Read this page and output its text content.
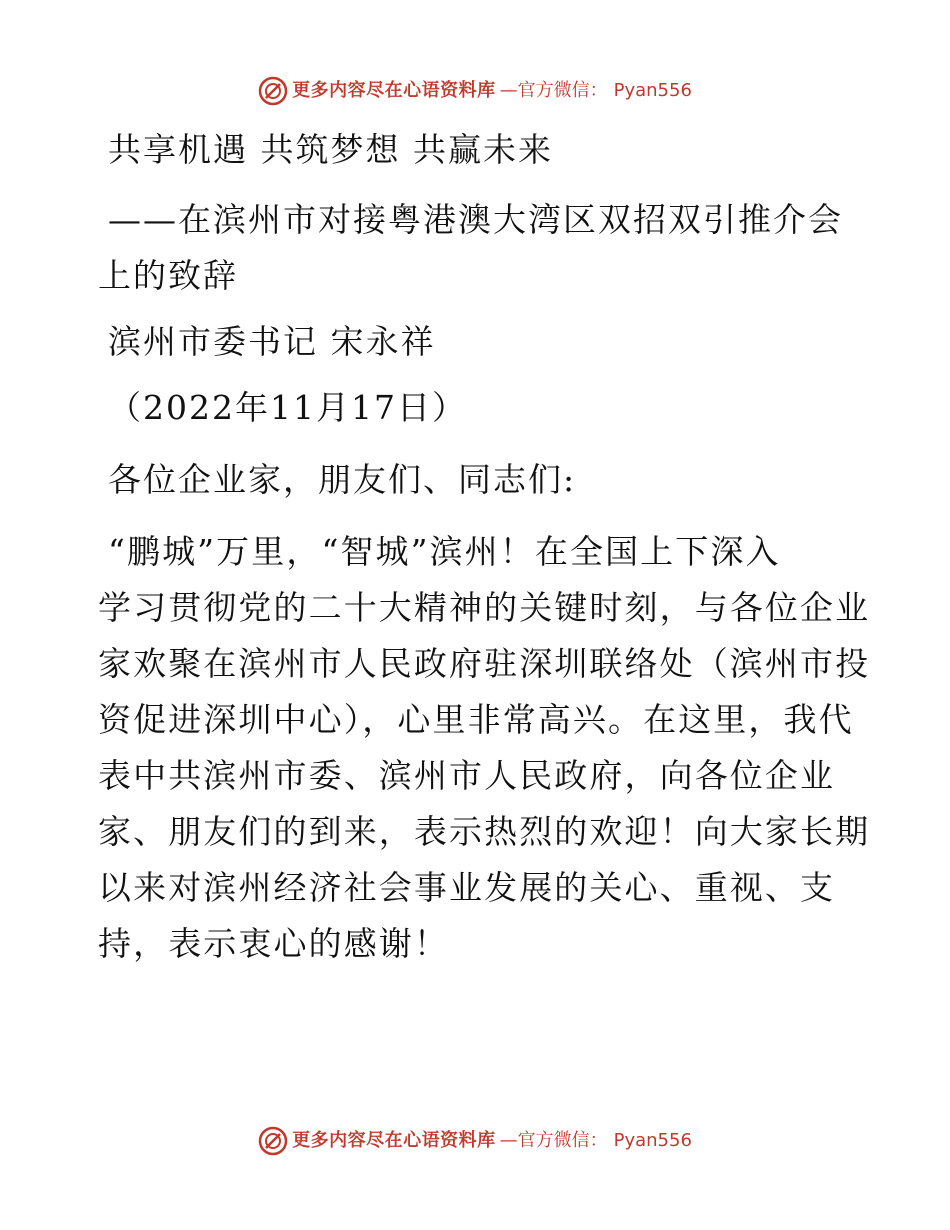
更多内容尽在心语资料库 —官方微信： Pyan556
共享机遇 共筑梦想 共赢未来
——在滨州市对接粤港澳大湾区双招双引推介会
上的致辞
滨州市委书记 宋永祥
（2022年11月17日）
各位企业家，朋友们、同志们:
“鹏城”万里，“智城”滨州！在全国上下深入
学习贯彻党的二十大精神的关键时刻，与各位企业
家欢聚在滨州市人民政府驻深圳联络处（滨州市投
资促进深圳中心），心里非常高兴。在这里，我代
表中共滨州市委、滨州市人民政府，向各位企业
家、朋友们的到来，表示热烈的欢迎！向大家长期
以来对滨州经济社会事业发展的关心、重视、支
持，表示衷心的感谢！
更多内容尽在心语资料库 —官方微信： Pyan556
